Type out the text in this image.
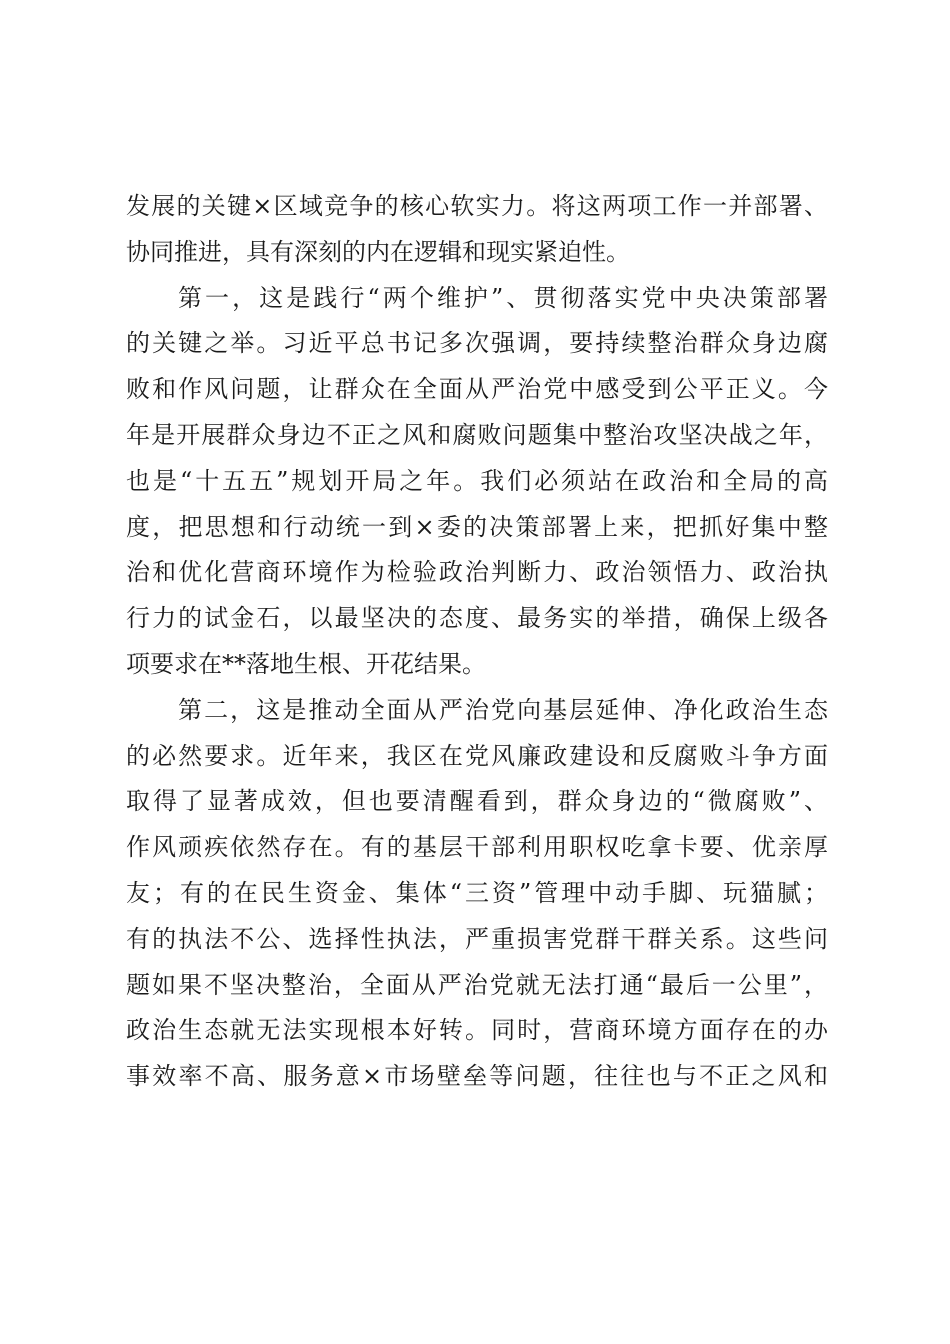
发展的关键×区域竞争的核心软实力。将这两项工作一并部署、
协同推进，具有深刻的内在逻辑和现实紧迫性。
第一，这是践行“两个维护”、贯彻落实党中央决策部署
的关键之举。习近平总书记多次强调，要持续整治群众身边腐
败和作风问题，让群众在全面从严治党中感受到公平正义。今
年是开展群众身边不正之风和腐败问题集中整治攻坚决战之年，
也是“十五五”规划开局之年。我们必须站在政治和全局的高
度，把思想和行动统一到×委的决策部署上来，把抓好集中整
治和优化营商环境作为检验政治判断力、政治领悟力、政治执
行力的试金石，以最坚决的态度、最务实的举措，确保上级各
项要求在**落地生根、开花结果。
第二，这是推动全面从严治党向基层延伸、净化政治生态
的必然要求。近年来，我区在党风廉政建设和反腐败斗争方面
取得了显著成效，但也要清醒看到，群众身边的“微腐败”、
作风顽疾依然存在。有的基层干部利用职权吃拿卡要、优亲厚
友；有的在民生资金、集体“三资”管理中动手脚、玩猫腻；
有的执法不公、选择性执法，严重损害党群干群关系。这些问
题如果不坚决整治，全面从严治党就无法打通“最后一公里”，
政治生态就无法实现根本好转。同时，营商环境方面存在的办
事效率不高、服务意×市场壁垒等问题，往往也与不正之风和
